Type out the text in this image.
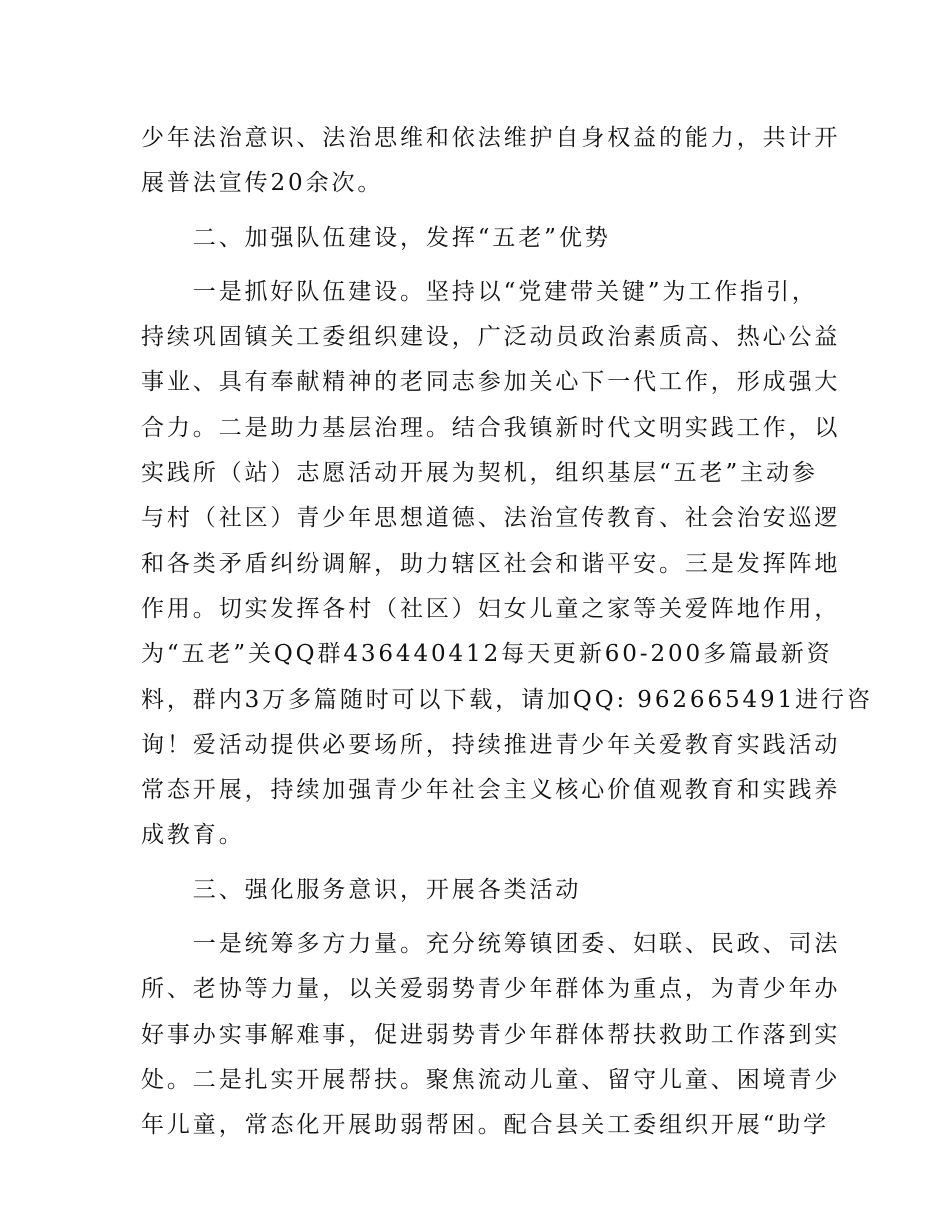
少年法治意识、法治思维和依法维护自身权益的能力，共计开
展普法宣传20余次。
　　二、加强队伍建设，发挥“五老”优势
　　一是抓好队伍建设。坚持以“党建带关键”为工作指引，
持续巩固镇关工委组织建设，广泛动员政治素质高、热心公益
事业、具有奉献精神的老同志参加关心下一代工作，形成强大
合力。二是助力基层治理。结合我镇新时代文明实践工作，以
实践所（站）志愿活动开展为契机，组织基层“五老”主动参
与村（社区）青少年思想道德、法治宣传教育、社会治安巡逻
和各类矛盾纠纷调解，助力辖区社会和谐平安。三是发挥阵地
作用。切实发挥各村（社区）妇女儿童之家等关爱阵地作用，
为“五老”关QQ群436440412每天更新60-200多篇最新资
料，群内3万多篇随时可以下载，请加QQ: 962665491进行咨
询！爱活动提供必要场所，持续推进青少年关爱教育实践活动
常态开展，持续加强青少年社会主义核心价值观教育和实践养
成教育。
　　三、强化服务意识，开展各类活动
　　一是统筹多方力量。充分统筹镇团委、妇联、民政、司法
所、老协等力量，以关爱弱势青少年群体为重点，为青少年办
好事办实事解难事，促进弱势青少年群体帮扶救助工作落到实
处。二是扎实开展帮扶。聚焦流动儿童、留守儿童、困境青少
年儿童，常态化开展助弱帮困。配合县关工委组织开展“助学
